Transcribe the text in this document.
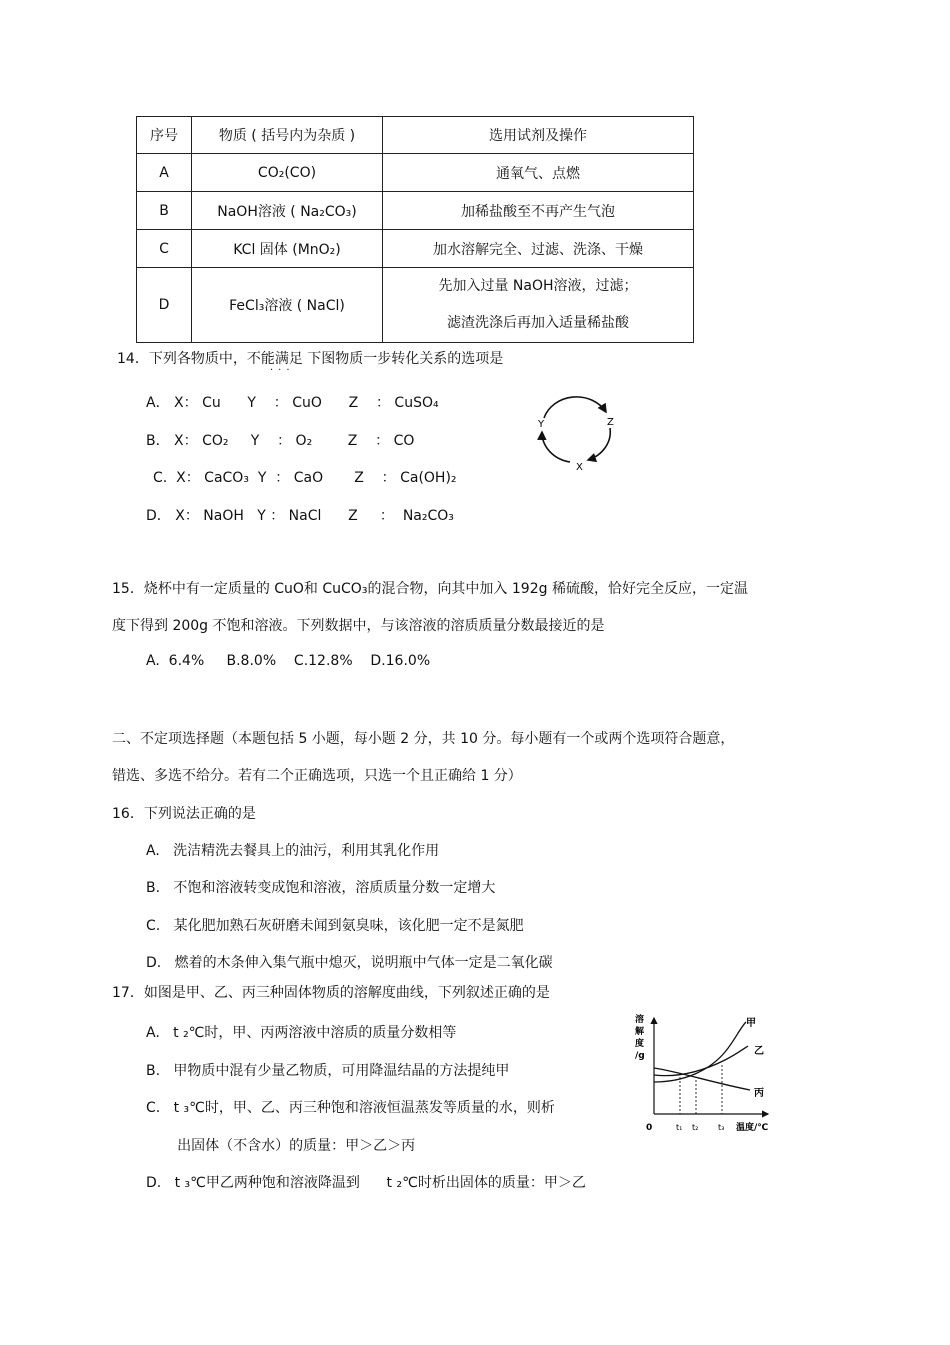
序号	物质 ( 括号内为杂质 )	选用试剂及操作
A	CO₂(CO)	通氧气、点燃
B	NaOH溶液 ( Na₂CO₃)	加稀盐酸至不再产生气泡
C	KCl 固体 (MnO₂)	加水溶解完全、过滤、洗涤、干燥
D	FeCl₃溶液 ( NaCl)	先加入过量 NaOH溶液，过滤；
滤渣洗涤后再加入适量稀盐酸
14．下列各物质中，不能满足 下图物质一步转化关系的选项是
···
A． X： Cu      Y    ： CuO      Z    ： CuSO₄
B． X： CO₂     Y    ： O₂        Z    ： CO
C.  X： CaCO₃  Y  ： CaO       Z    ： Ca(OH)₂
D． X： NaOH   Y ： NaCl      Z     ：  Na₂CO₃
Y	Z
X
15．烧杯中有一定质量的 CuO和 CuCO₃的混合物，向其中加入 192g 稀硫酸，恰好完全反应，一定温
度下得到 200g 不饱和溶液。下列数据中，与该溶液的溶质质量分数最接近的是
A.  6.4%     B.8.0%    C.12.8%    D.16.0%
二、不定项选择题（本题包括 5 小题，每小题 2 分，共 10 分。每小题有一个或两个选项符合题意，
错选、多选不给分。若有二个正确选项，只选一个且正确给 1 分）
16．下列说法正确的是
A.   洗洁精洗去餐具上的油污，利用其乳化作用
B.   不饱和溶液转变成饱和溶液，溶质质量分数一定增大
C.   某化肥加熟石灰研磨未闻到氨臭味，该化肥一定不是氮肥
D.   燃着的木条伸入集气瓶中熄灭，说明瓶中气体一定是二氧化碳
17．如图是甲、乙、丙三种固体物质的溶解度曲线，下列叙述正确的是
A.   t ₂℃时，甲、丙两溶液中溶质的质量分数相等
B.   甲物质中混有少量乙物质，可用降温结晶的方法提纯甲
C.   t ₃℃时，甲、乙、丙三种饱和溶液恒温蒸发等质量的水，则析
出固体（不含水）的质量：甲＞乙＞丙
D.   t ₃℃甲乙两种饱和溶液降温到      t ₂℃时析出固体的质量：甲＞乙
溶
解
度
/g
0	温度/℃
t₁ t₂ t₃
甲
乙
丙
